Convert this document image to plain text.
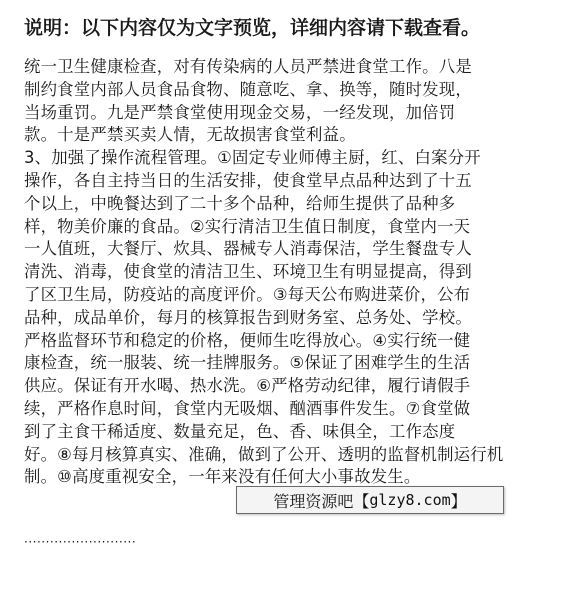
说明：以下内容仅为文字预览，详细内容请下载查看。
统一卫生健康检查，对有传染病的人员严禁进食堂工作。八是
制约食堂内部人员食品食物、随意吃、拿、换等，随时发现，
当场重罚。九是严禁食堂使用现金交易，一经发现，加倍罚
款。十是严禁买卖人情，无故损害食堂利益。
3、加强了操作流程管理。①固定专业师傅主厨，红、白案分开
操作，各自主持当日的生活安排，使食堂早点品种达到了十五
个以上，中晚餐达到了二十多个品种，给师生提供了品种多
样，物美价廉的食品。②实行清洁卫生值日制度，食堂内一天
一人值班，大餐厅、炊具、器械专人消毒保洁，学生餐盘专人
清洗、消毒，使食堂的清洁卫生、环境卫生有明显提高，得到
了区卫生局，防疫站的高度评价。③每天公布购进菜价，公布
品种，成品单价，每月的核算报告到财务室、总务处、学校。
严格监督环节和稳定的价格，便师生吃得放心。④实行统一健
康检查，统一服装、统一挂牌服务。⑤保证了困难学生的生活
供应。保证有开水喝、热水洗。⑥严格劳动纪律，履行请假手
续，严格作息时间，食堂内无吸烟、酗酒事件发生。⑦食堂做
到了主食干稀适度、数量充足，色、香、味俱全，工作态度
好。⑧每月核算真实、准确，做到了公开、透明的监督机制运行机
制。⑩高度重视安全，一年来没有任何大小事故发生。
··························
管理资源吧【 glzy8.com 】
